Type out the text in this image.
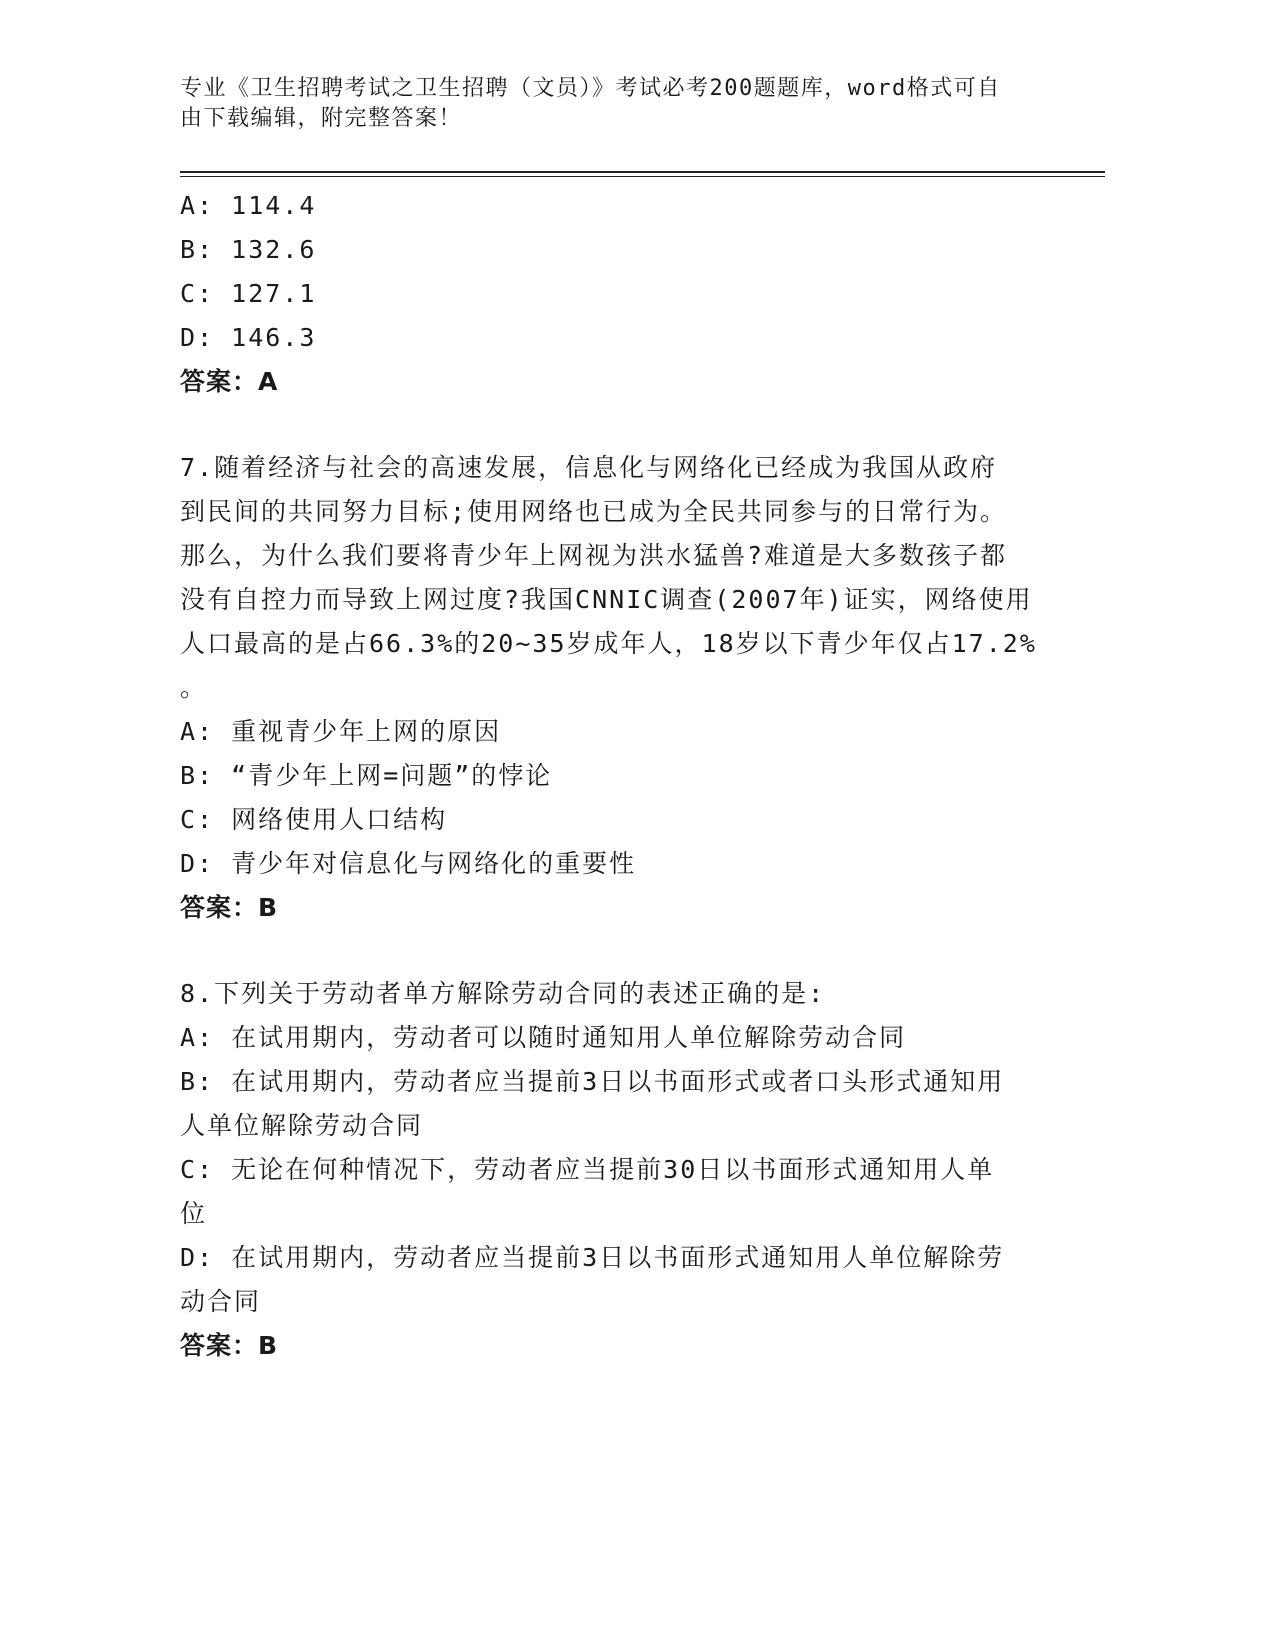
专业《卫生招聘考试之卫生招聘（文员）》考试必考200题题库，word格式可自
由下载编辑，附完整答案！
A: 114.4
B: 132.6
C: 127.1
D: 146.3
答案：A
7.随着经济与社会的高速发展，信息化与网络化已经成为我国从政府
到民间的共同努力目标;使用网络也已成为全民共同参与的日常行为。
那么，为什么我们要将青少年上网视为洪水猛兽?难道是大多数孩子都
没有自控力而导致上网过度?我国CNNIC调查(2007年)证实，网络使用
人口最高的是占66.3%的20~35岁成年人，18岁以下青少年仅占17.2%
。
A: 重视青少年上网的原因
B: “青少年上网=问题”的悖论
C: 网络使用人口结构
D: 青少年对信息化与网络化的重要性
答案：B
8.下列关于劳动者单方解除劳动合同的表述正确的是:
A: 在试用期内，劳动者可以随时通知用人单位解除劳动合同
B: 在试用期内，劳动者应当提前3日以书面形式或者口头形式通知用
人单位解除劳动合同
C: 无论在何种情况下，劳动者应当提前30日以书面形式通知用人单
位
D: 在试用期内，劳动者应当提前3日以书面形式通知用人单位解除劳
动合同
答案：B
